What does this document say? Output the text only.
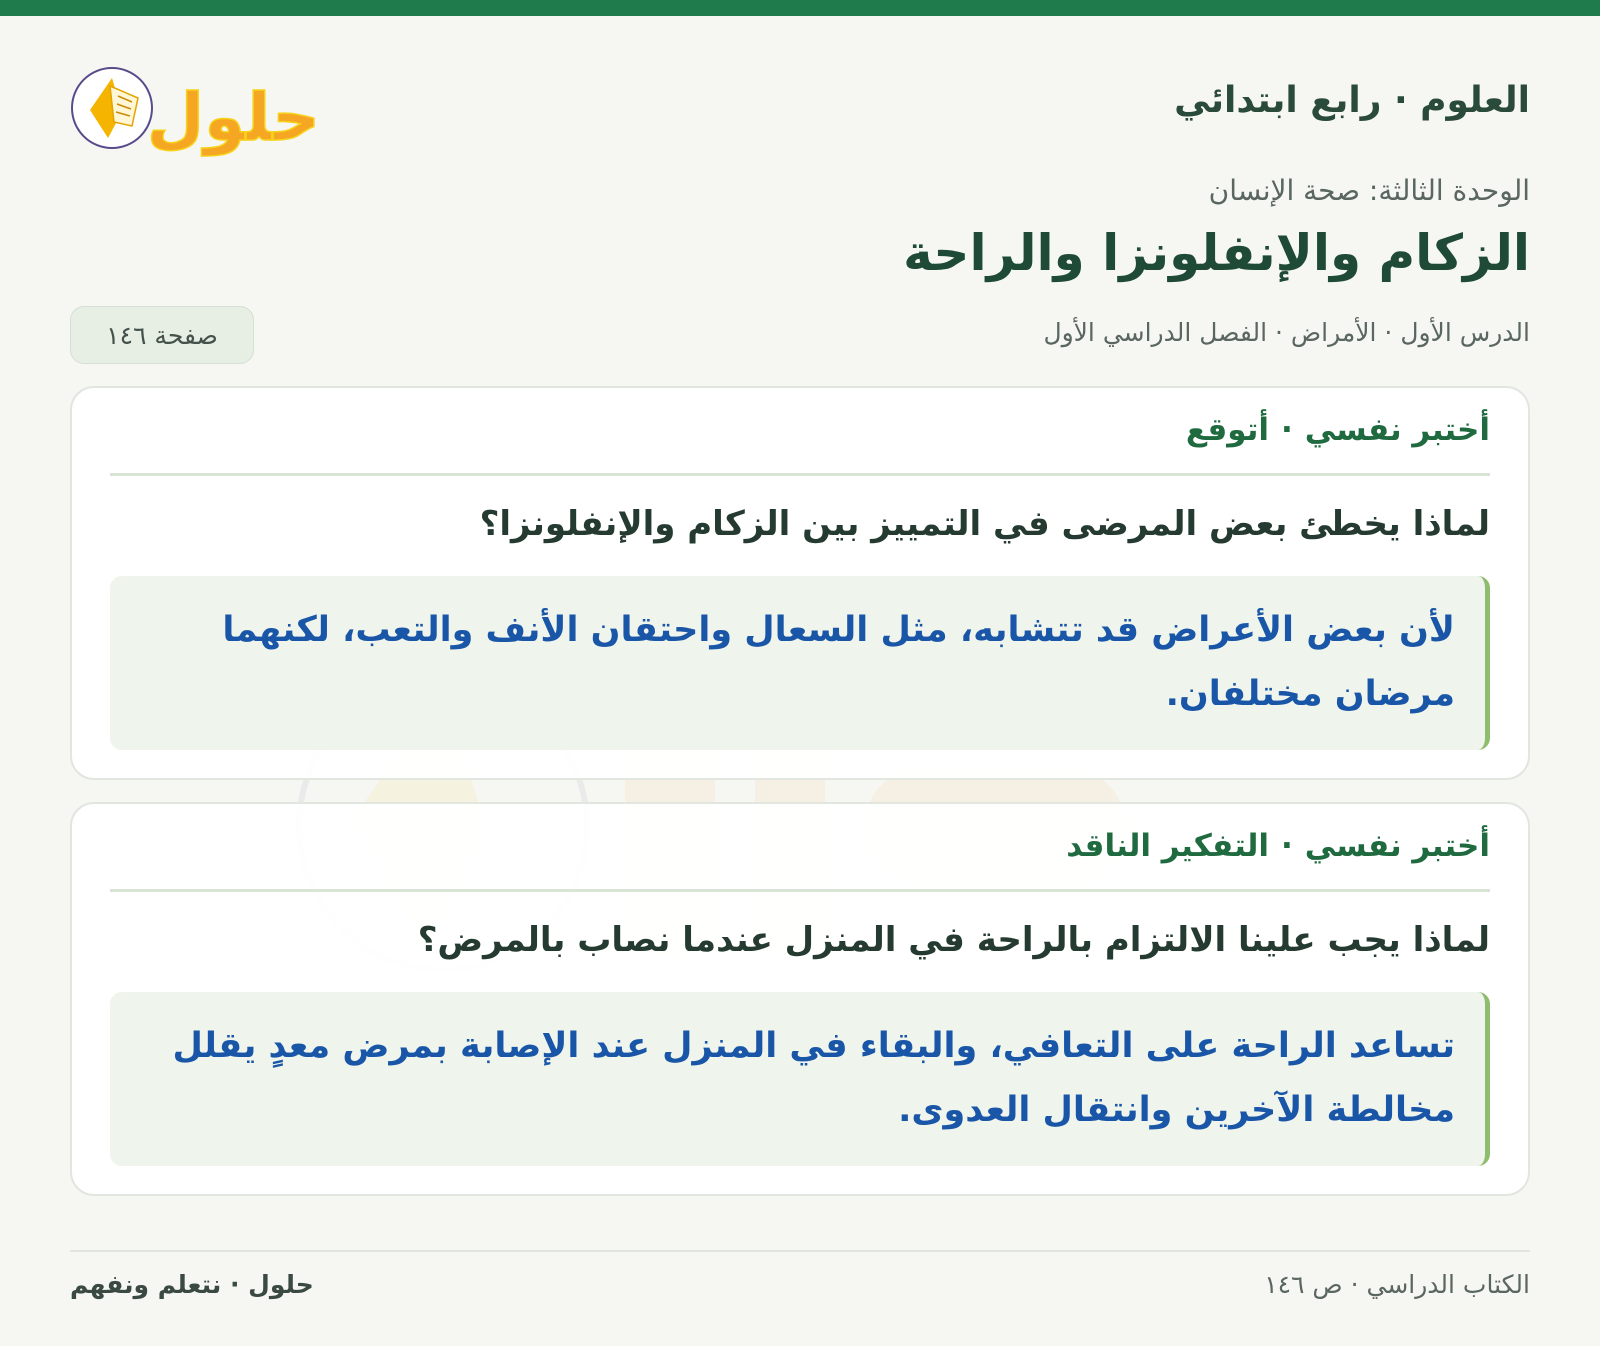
العلوم · رابع ابتدائي
حلول
الوحدة الثالثة: صحة الإنسان
الزكام والإنفلونزا والراحة
الدرس الأول · الأمراض · الفصل الدراسي الأول
صفحة ١٤٦
أختبر نفسي
·
أتوقع
لماذا يخطئ بعض المرضى في التمييز بين الزكام والإنفلونزا؟
لأن بعض الأعراض قد تتشابه، مثل السعال واحتقان الأنف والتعب، لكنهما مرضان مختلفان.
أختبر نفسي
·
التفكير الناقد
لماذا يجب علينا الالتزام بالراحة في المنزل عندما نصاب بالمرض؟
تساعد الراحة على التعافي، والبقاء في المنزل عند الإصابة بمرض معدٍ يقلل مخالطة الآخرين وانتقال العدوى.
الكتاب الدراسي · ص ١٤٦
حلول · نتعلم ونفهم
